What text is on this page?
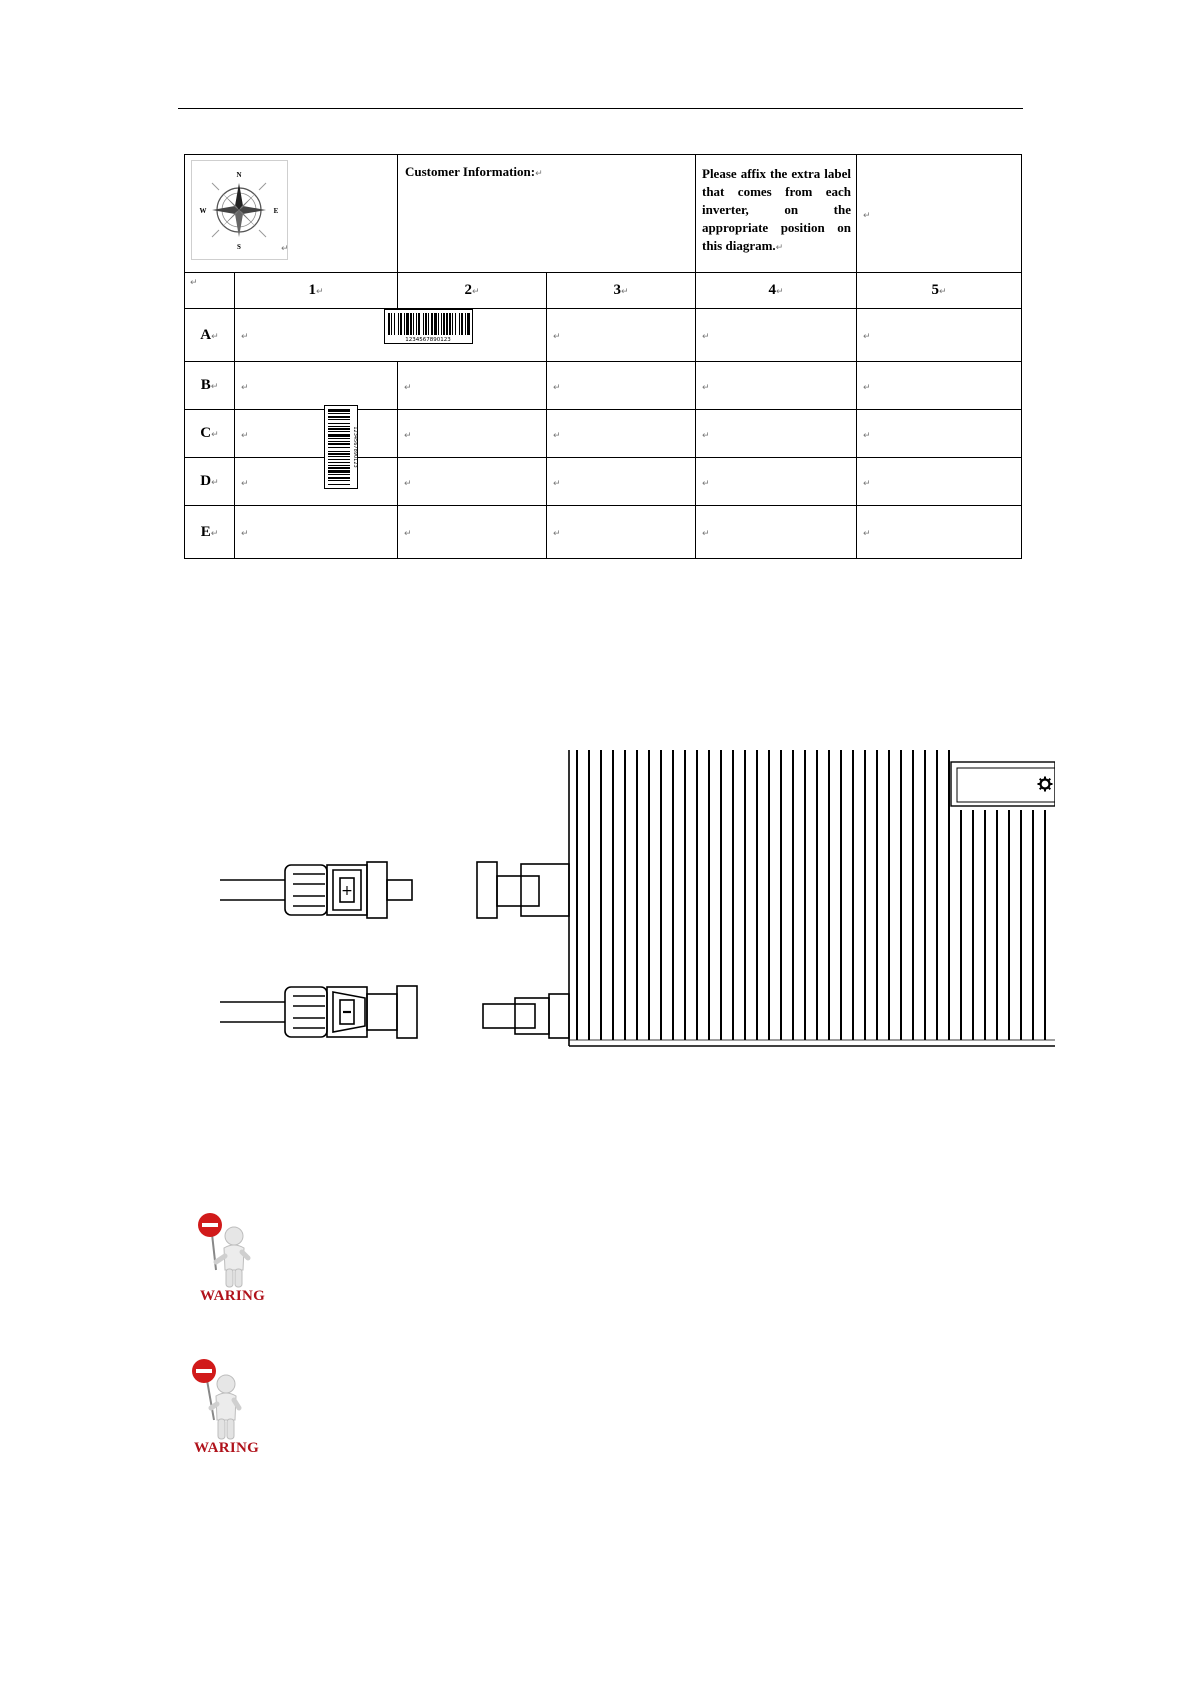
N
S
W E
↵		Customer Information:↵		Please affix the extra label that comes from each inverter, on the appropriate position on this diagram.↵	↵
↵	1↵	2↵	3↵	4↵	5↵
A↵	↵		↵	↵	↵
B↵	↵	↵	↵	↵	↵
C↵	↵	↵	↵	↵	↵
D↵	↵	↵	↵	↵	↵
E↵	↵	↵	↵	↵	↵
1234567890123
1234567890123
+
WARING
WARING
